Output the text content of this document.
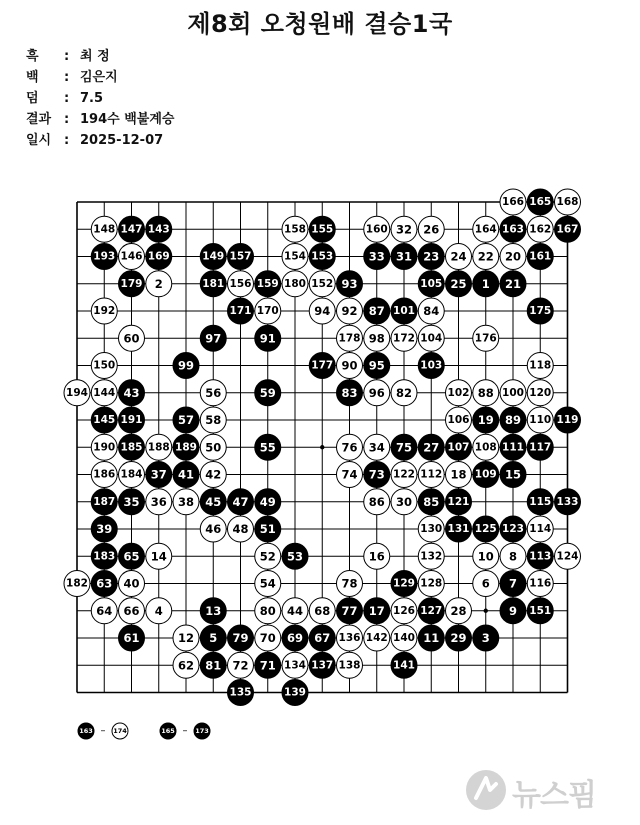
제8회 오청원배 결승1국
흑 : 최 정
백 : 김은지
덤 : 7.5
결과 : 194수 백불계승
일시 : 2025-12-07
166 165 168
148 147 143	158 155	160 32 26	164 163 162 167
193 146 169	149 157	154 153	33 31 23 24 22 20 161
179 2	181 156 159 180 152 93	105 25 1 21
192	171 170	94 92 87 101 84	175
60	97	91	178 98 172 104	176
150	99	177 90 95	103	118
194 144 43	56	59	83 96 82	102 88 100 120
145 191	57 58	106 19 89 110 119
190 185 188 189 50	55	76 34 75 27 107 108 111 117
186 184 37 41 42	74 73 122 112 18 109 15
187 35 36 38 45 47 49	86 30 85 121	115 133
39	46 48 51	130 131 125 123 114
183 65 14	52 53	16	132	10 8 113 124
182 63 40	54	78	129 128	6 7 116
64 66 4	13	80 44 68 77 17 126 127 28	9 151
61	12 5 79 70 69 67 136 142 140 11 29 3
62 81 72 71 134 137 138	141
135	139
163 – 174	165 – 173
뉴스핌
